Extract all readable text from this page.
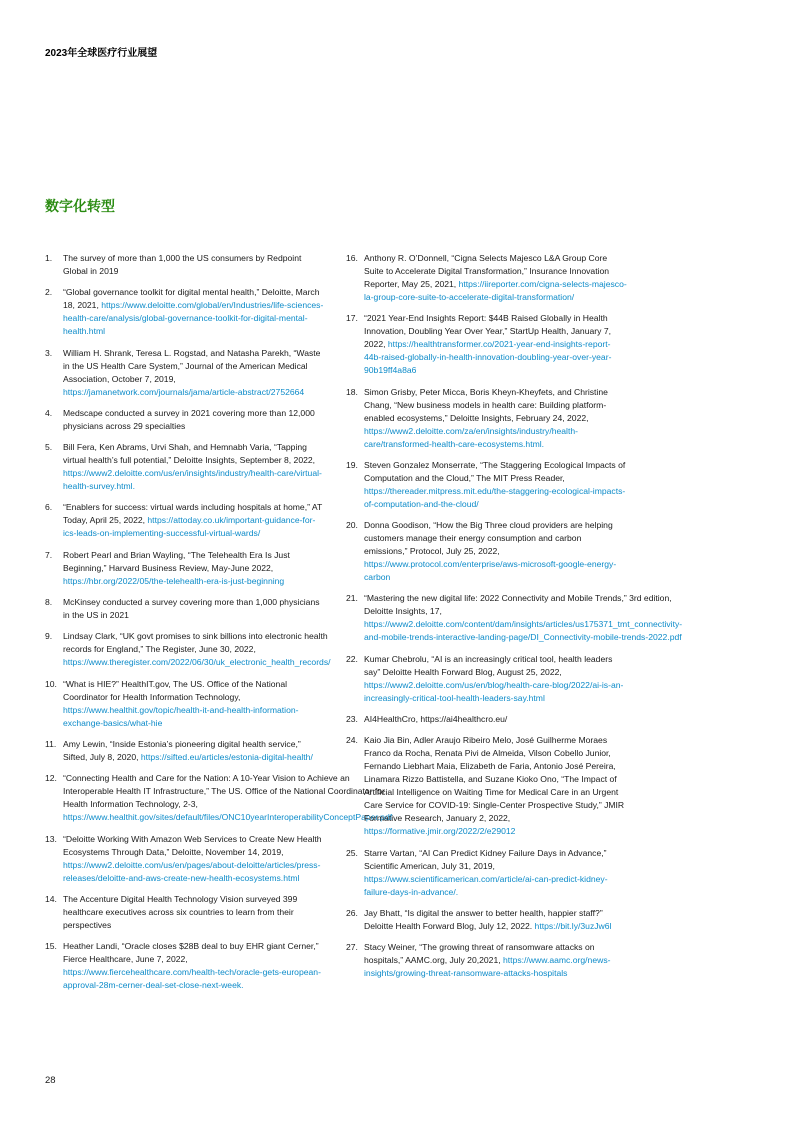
2023年全球医疗行业展望
数字化转型
1.	The survey of more than 1,000 the US consumers by Redpoint Global in 2019
2.	“Global governance toolkit for digital mental health,” Deloitte, March 18, 2021, https://www.deloitte.com/global/en/Industries/life-sciences-health-care/analysis/global-governance-toolkit-for-digital-mental-health.html
3.	William H. Shrank, Teresa L. Rogstad, and Natasha Parekh, “Waste in the US Health Care System,” Journal of the American Medical Association, October 7, 2019, https://jamanetwork.com/journals/jama/article-abstract/2752664
4.	Medscape conducted a survey in 2021 covering more than 12,000 physicians across 29 specialties
5.	Bill Fera, Ken Abrams, Urvi Shah, and Hemnabh Varia, “Tapping virtual health’s full potential,” Deloitte Insights, September 8, 2022, https://www2.deloitte.com/us/en/insights/industry/health-care/virtual-health-survey.html.
6.	“Enablers for success: virtual wards including hospitals at home,” AT Today, April 25, 2022, https://attoday.co.uk/important-guidance-for-ics-leads-on-implementing-successful-virtual-wards/
7.	Robert Pearl and Brian Wayling, “The Telehealth Era Is Just Beginning,” Harvard Business Review, May-June 2022, https://hbr.org/2022/05/the-telehealth-era-is-just-beginning
8.	McKinsey conducted a survey covering more than 1,000 physicians in the US in 2021
9.	Lindsay Clark, “UK govt promises to sink billions into electronic health records for England,” The Register, June 30, 2022, https://www.theregister.com/2022/06/30/uk_electronic_health_records/
10. “What is HIE?” HealthIT.gov, The US. Office of the National Coordinator for Health Information Technology, https://www.healthit.gov/topic/health-it-and-health-information-exchange-basics/what-hie
11. Amy Lewin, “Inside Estonia’s pioneering digital health service,” Sifted, July 8, 2020, https://sifted.eu/articles/estonia-digital-health/
12. “Connecting Health and Care for the Nation: A 10-Year Vision to Achieve an Interoperable Health IT Infrastructure,” The US. Office of the National Coordinator for Health Information Technology, 2-3, https://www.healthit.gov/sites/default/files/ONC10yearInteroperabilityConceptPaper.pdf
13. “Deloitte Working With Amazon Web Services to Create New Health Ecosystems Through Data,” Deloitte, November 14, 2019, https://www2.deloitte.com/us/en/pages/about-deloitte/articles/press-releases/deloitte-and-aws-create-new-health-ecosystems.html
14. The Accenture Digital Health Technology Vision surveyed 399 healthcare executives across six countries to learn from their perspectives
15. Heather Landi, “Oracle closes $28B deal to buy EHR giant Cerner,” Fierce Healthcare, June 7, 2022, https://www.fiercehealthcare.com/health-tech/oracle-gets-european-approval-28m-cerner-deal-set-close-next-week.
16. Anthony R. O’Donnell, “Cigna Selects Majesco L&A Group Core Suite to Accelerate Digital Transformation,” Insurance Innovation Reporter, May 25, 2021, https://iireporter.com/cigna-selects-majesco-la-group-core-suite-to-accelerate-digital-transformation/
17. “2021 Year-End Insights Report: $44B Raised Globally in Health Innovation, Doubling Year Over Year,” StartUp Health, January 7, 2022, https://healthtransformer.co/2021-year-end-insights-report-44b-raised-globally-in-health-innovation-doubling-year-over-year-90b19ff4a8a6
18. Simon Grisby, Peter Micca, Boris Kheyn-Kheyfets, and Christine Chang, “New business models in health care: Building platform-enabled ecosystems,” Deloitte Insights, February 24, 2022, https://www2.deloitte.com/za/en/insights/industry/health-care/transformed-health-care-ecosystems.html.
19. Steven Gonzalez Monserrate, “The Staggering Ecological Impacts of Computation and the Cloud,” The MIT Press Reader, https://thereader.mitpress.mit.edu/the-staggering-ecological-impacts-of-computation-and-the-cloud/
20. Donna Goodison, “How the Big Three cloud providers are helping customers manage their energy consumption and carbon emissions,” Protocol, July 25, 2022, https://www.protocol.com/enterprise/aws-microsoft-google-energy-carbon
21. “Mastering the new digital life: 2022 Connectivity and Mobile Trends,” 3rd edition, Deloitte Insights, 17, https://www2.deloitte.com/content/dam/insights/articles/us175371_tmt_connectivity-and-mobile-trends-interactive-landing-page/DI_Connectivity-mobile-trends-2022.pdf
22. Kumar Chebrolu, “AI is an increasingly critical tool, health leaders say” Deloitte Health Forward Blog, August 25, 2022, https://www2.deloitte.com/us/en/blog/health-care-blog/2022/ai-is-an-increasingly-critical-tool-health-leaders-say.html
23. AI4HealthCro, https://ai4healthcro.eu/
24. Kaio Jia Bin, Adler Araujo Ribeiro Melo, José Guilherme Moraes Franco da Rocha, Renata Pivi de Almeida, Vilson Cobello Junior, Fernando Liebhart Maia, Elizabeth de Faria, Antonio José Pereira, Linamara Rizzo Battistella, and Suzane Kioko Ono, “The Impact of Artificial Intelligence on Waiting Time for Medical Care in an Urgent Care Service for COVID-19: Single-Center Prospective Study,” JMIR Formative Research, January 2, 2022, https://formative.jmir.org/2022/2/e29012
25. Starre Vartan, “AI Can Predict Kidney Failure Days in Advance,” Scientific American, July 31, 2019, https://www.scientificamerican.com/article/ai-can-predict-kidney-failure-days-in-advance/.
26. Jay Bhatt, “Is digital the answer to better health, happier staff?” Deloitte Health Forward Blog, July 12, 2022. https://bit.ly/3uzJw6l
27. Stacy Weiner, “The growing threat of ransomware attacks on hospitals,” AAMC.org, July 20,2021, https://www.aamc.org/news-insights/growing-threat-ransomware-attacks-hospitals
28
